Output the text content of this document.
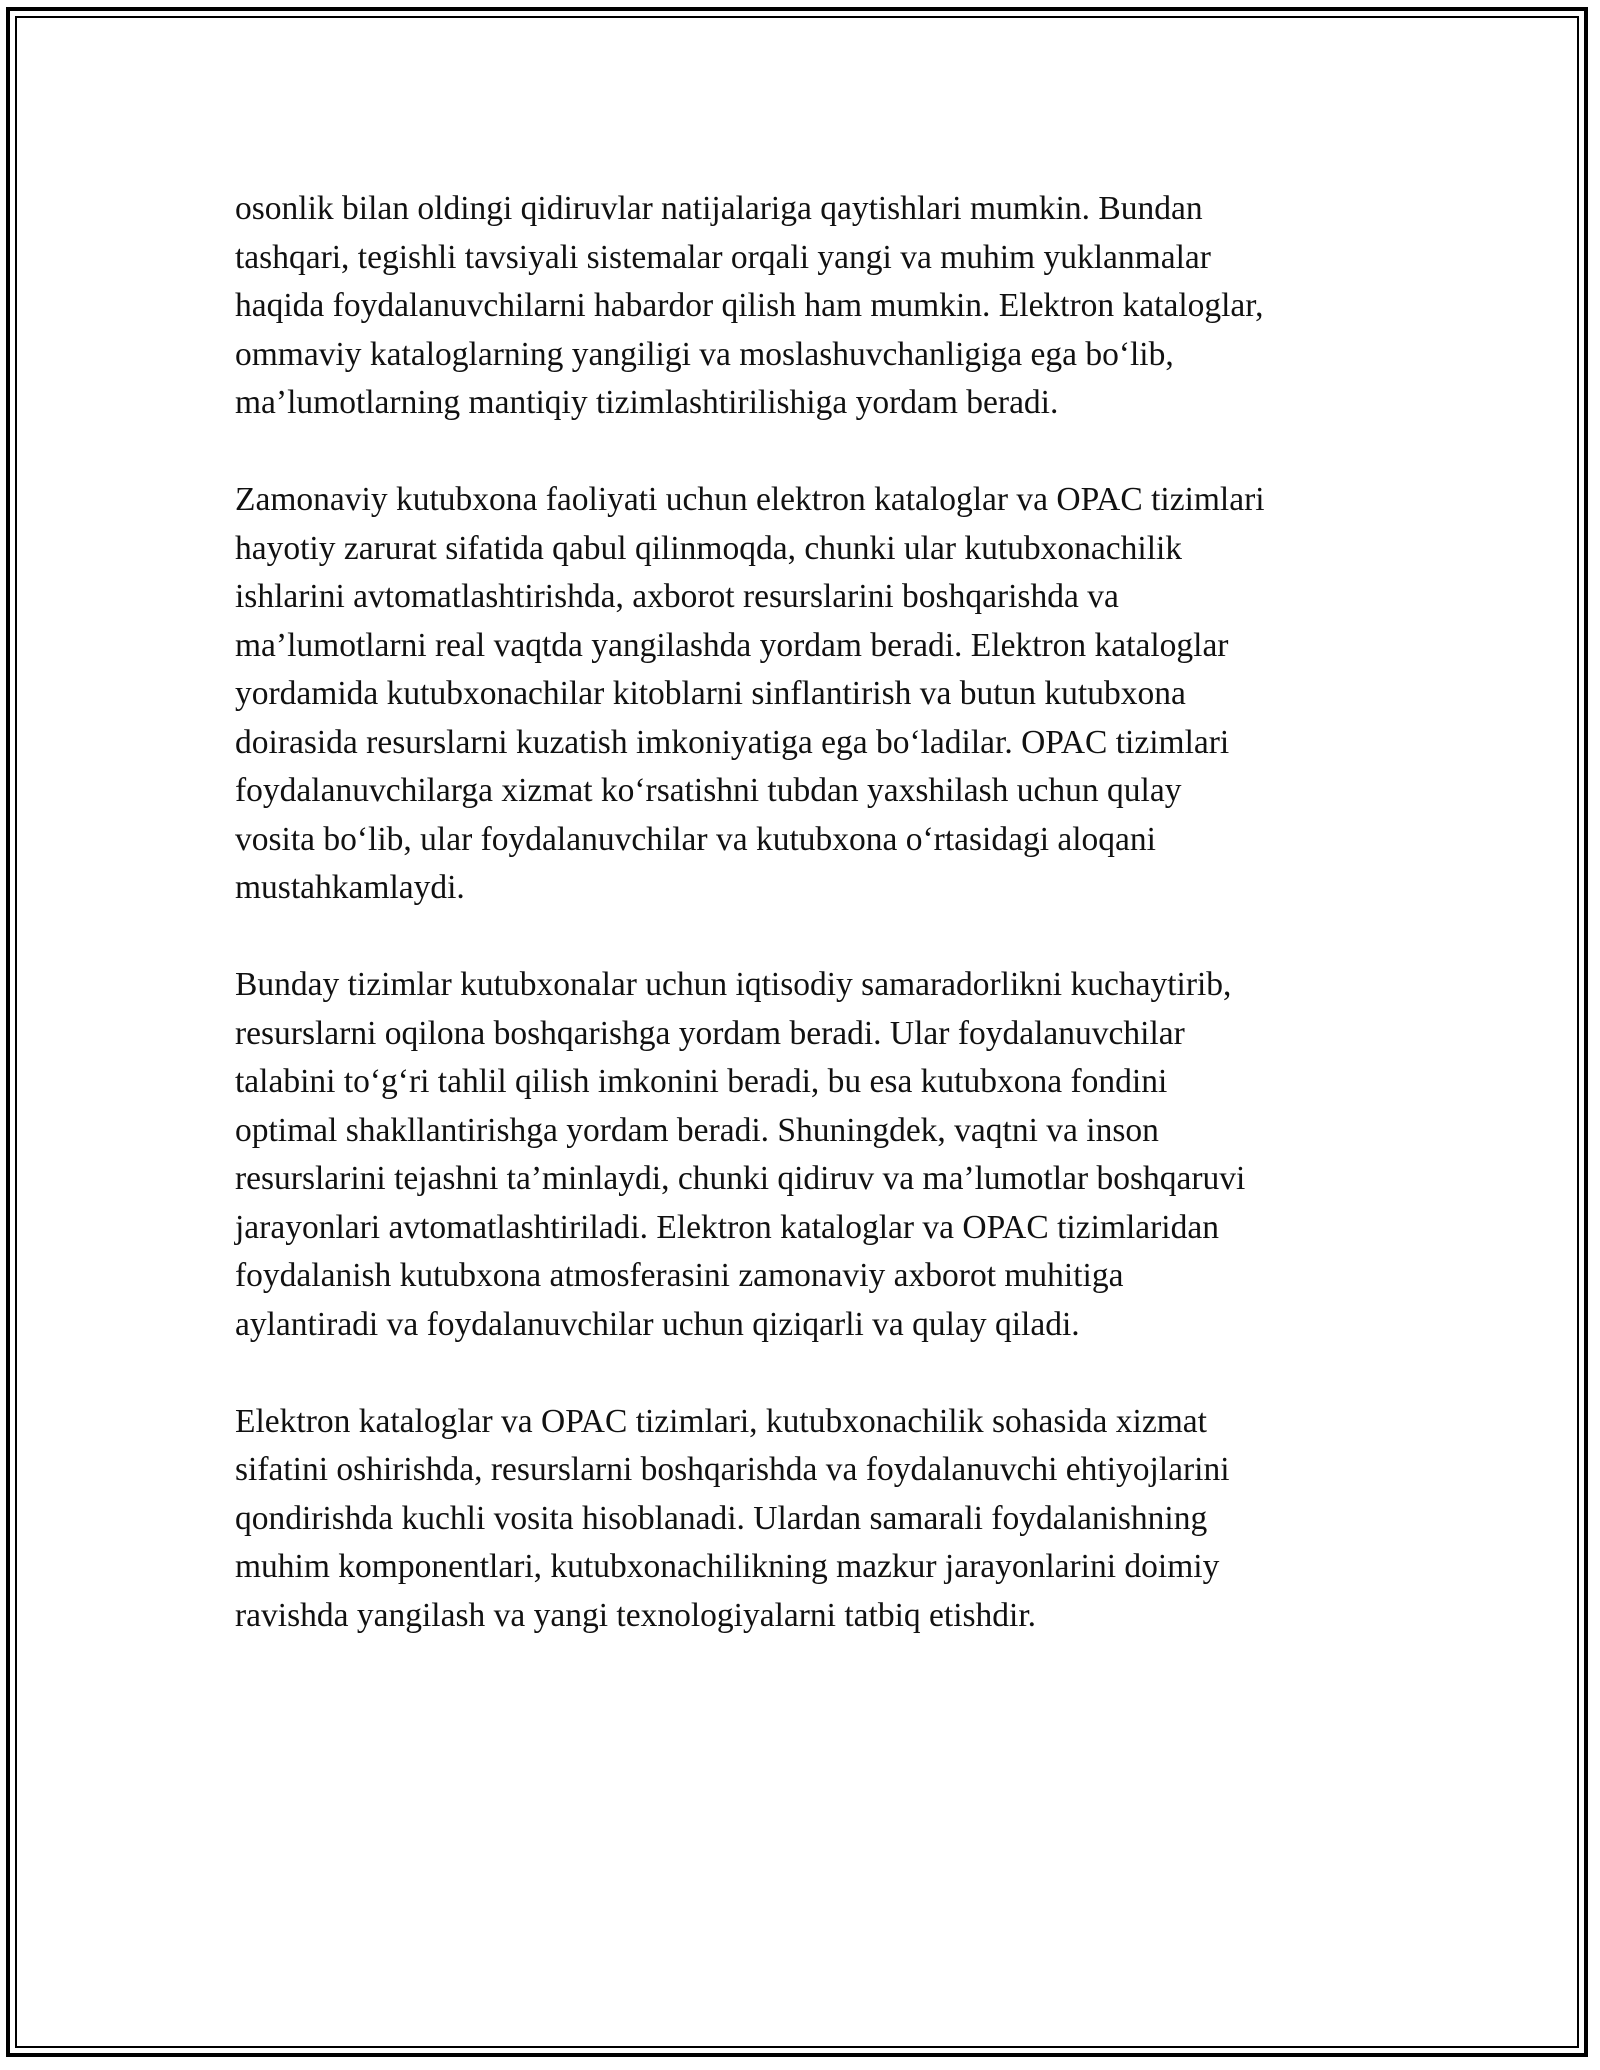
osonlik bilan oldingi qidiruvlar natijalariga qaytishlari mumkin. Bundan
tashqari, tegishli tavsiyali sistemalar orqali yangi va muhim yuklanmalar
haqida foydalanuvchilarni habardor qilish ham mumkin. Elektron kataloglar,
ommaviy kataloglarning yangiligi va moslashuvchanligiga ega bo‘lib,
ma’lumotlarning mantiqiy tizimlashtirilishiga yordam beradi.

Zamonaviy kutubxona faoliyati uchun elektron kataloglar va OPAC tizimlari
hayotiy zarurat sifatida qabul qilinmoqda, chunki ular kutubxonachilik
ishlarini avtomatlashtirishda, axborot resurslarini boshqarishda va
ma’lumotlarni real vaqtda yangilashda yordam beradi. Elektron kataloglar
yordamida kutubxonachilar kitoblarni sinflantirish va butun kutubxona
doirasida resurslarni kuzatish imkoniyatiga ega bo‘ladilar. OPAC tizimlari
foydalanuvchilarga xizmat ko‘rsatishni tubdan yaxshilash uchun qulay
vosita bo‘lib, ular foydalanuvchilar va kutubxona o‘rtasidagi aloqani
mustahkamlaydi.

Bunday tizimlar kutubxonalar uchun iqtisodiy samaradorlikni kuchaytirib,
resurslarni oqilona boshqarishga yordam beradi. Ular foydalanuvchilar
talabini to‘g‘ri tahlil qilish imkonini beradi, bu esa kutubxona fondini
optimal shakllantirishga yordam beradi. Shuningdek, vaqtni va inson
resurslarini tejashni ta’minlaydi, chunki qidiruv va ma’lumotlar boshqaruvi
jarayonlari avtomatlashtiriladi. Elektron kataloglar va OPAC tizimlaridan
foydalanish kutubxona atmosferasini zamonaviy axborot muhitiga
aylantiradi va foydalanuvchilar uchun qiziqarli va qulay qiladi.

Elektron kataloglar va OPAC tizimlari, kutubxonachilik sohasida xizmat
sifatini oshirishda, resurslarni boshqarishda va foydalanuvchi ehtiyojlarini
qondirishda kuchli vosita hisoblanadi. Ulardan samarali foydalanishning
muhim komponentlari, kutubxonachilikning mazkur jarayonlarini doimiy
ravishda yangilash va yangi texnologiyalarni tatbiq etishdir.
